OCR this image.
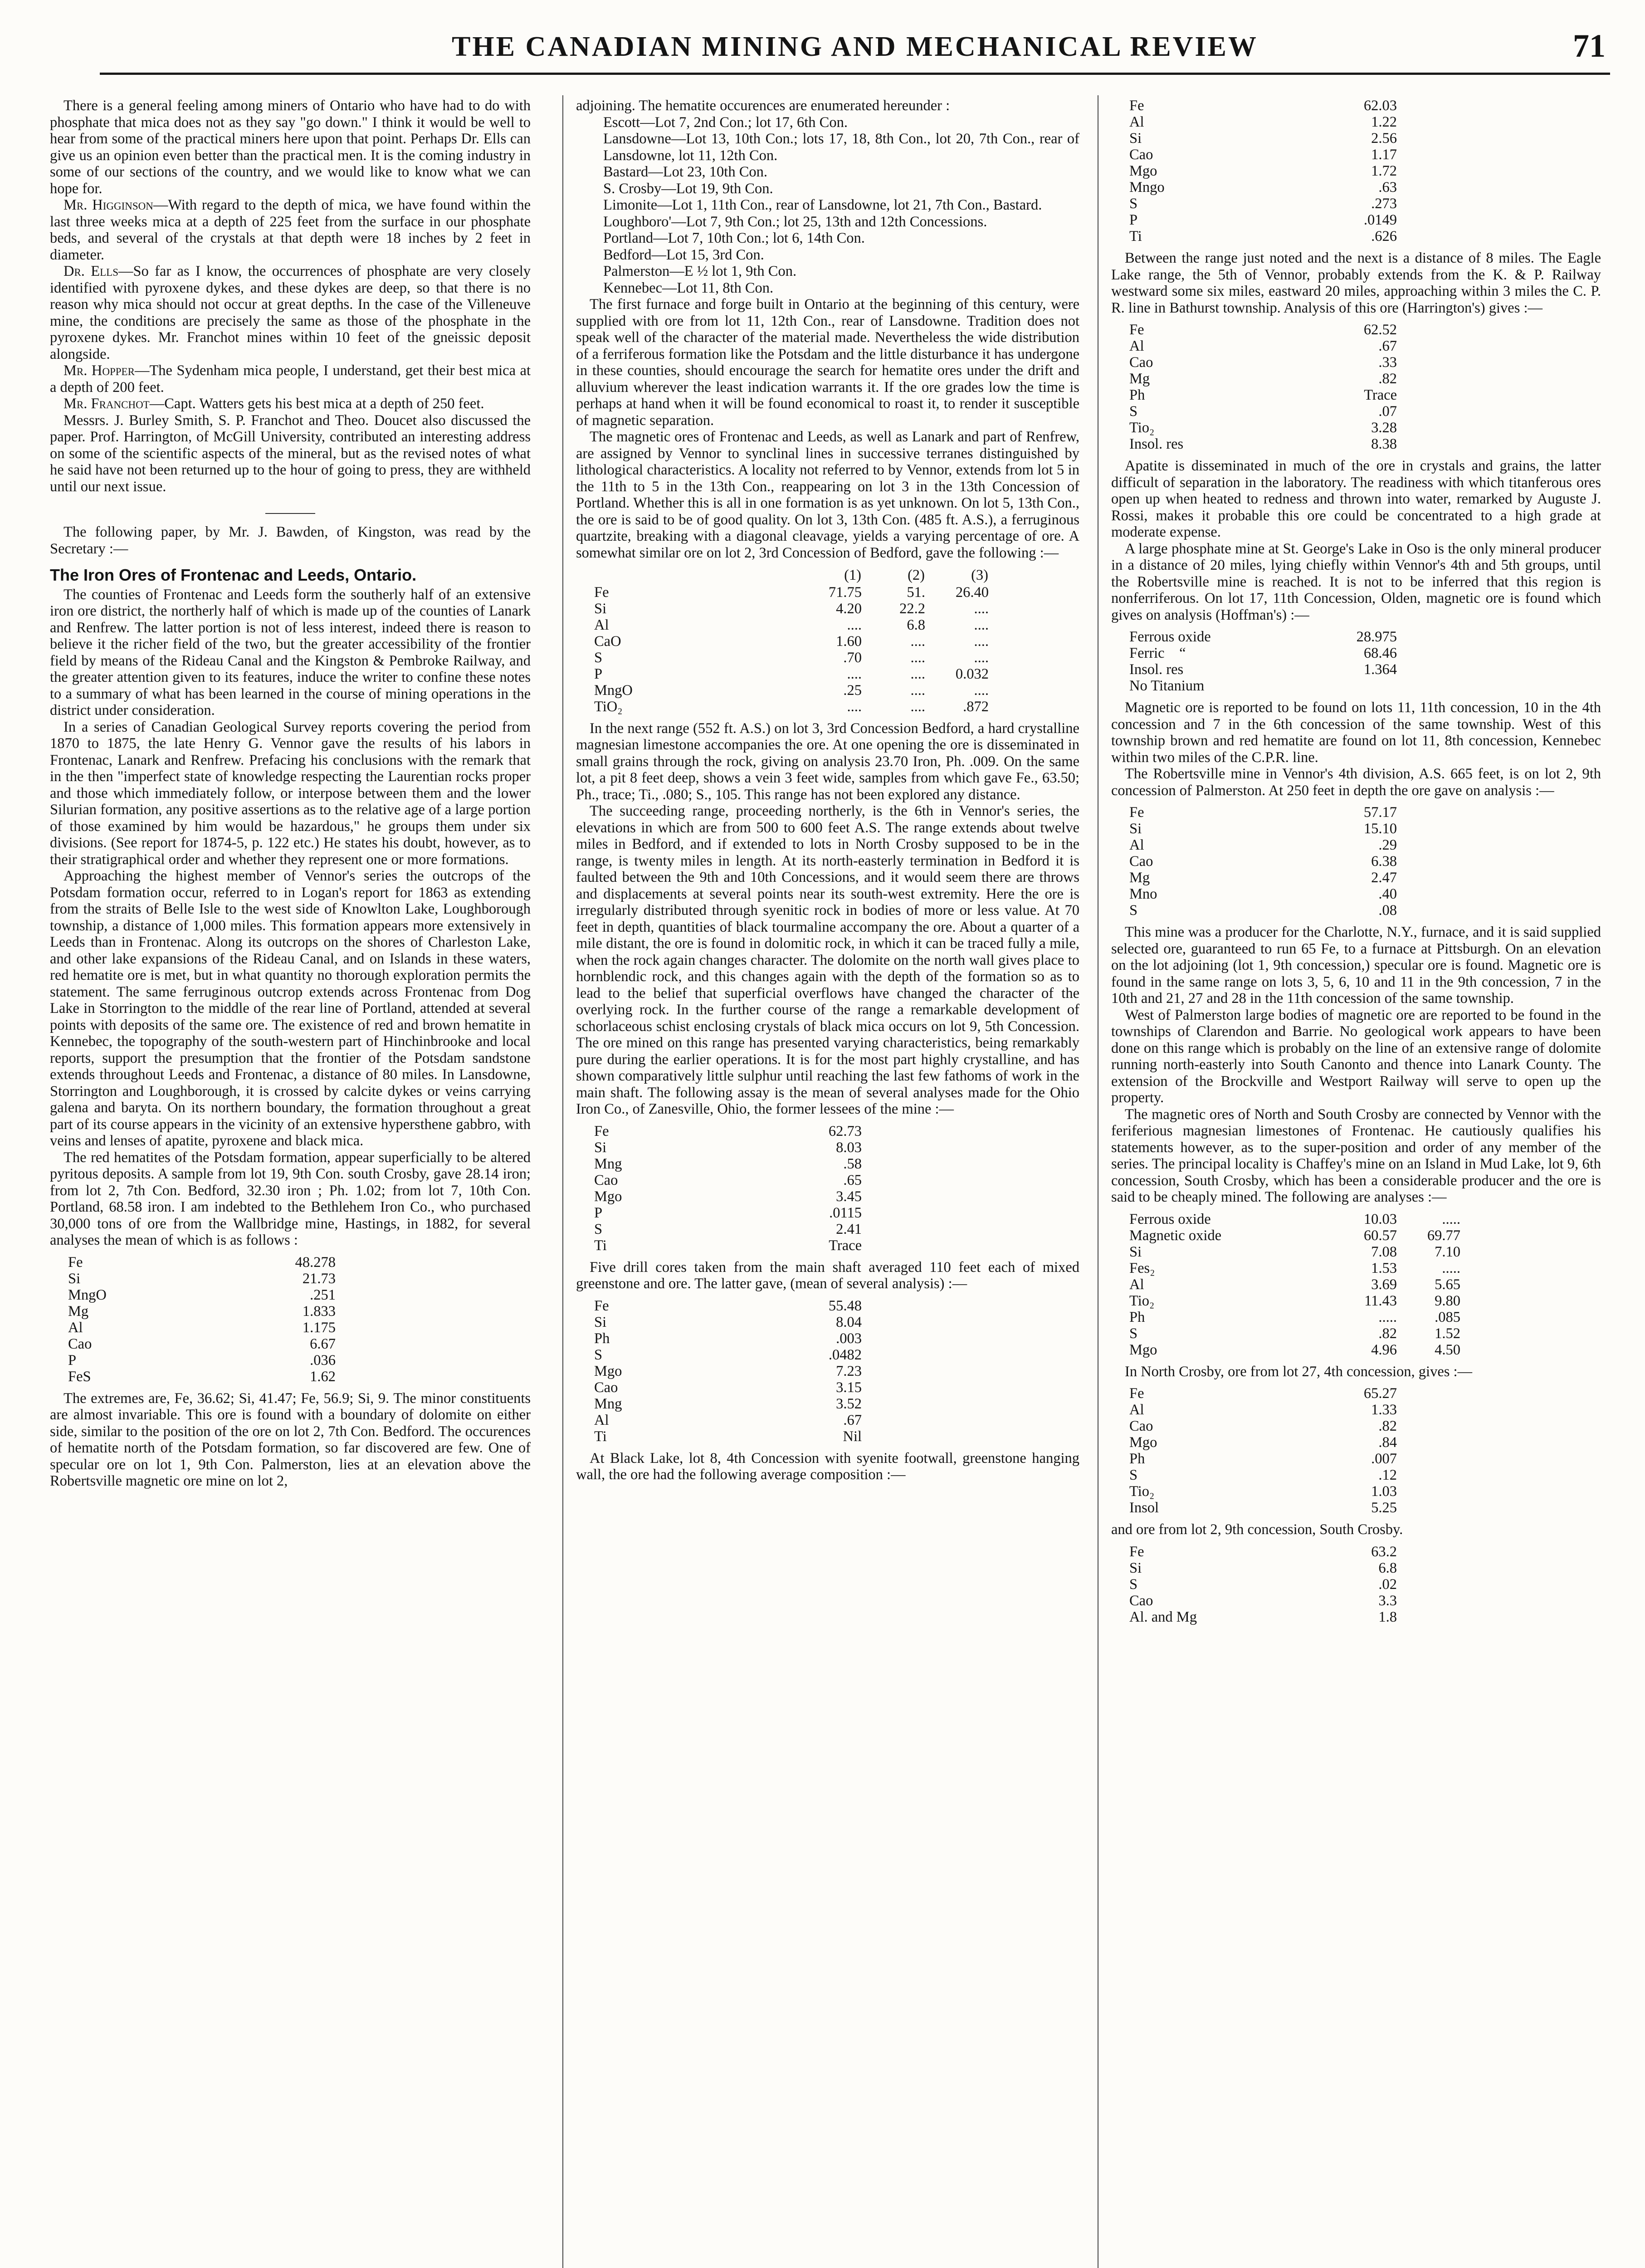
THE CANADIAN MINING AND MECHANICAL REVIEW	71

There is a general feeling among miners of Ontario who have had to do with phosphate that mica does not as they say "go down." I think it would be well to hear from some of the practical miners here upon that point. Perhaps Dr. Ells can give us an opinion even better than the practical men. It is the coming industry in some of our sections of the country, and we would like to know what we can hope for.

Mr. Higginson—With regard to the depth of mica, we have found within the last three weeks mica at a depth of 225 feet from the surface in our phosphate beds, and several of the crystals at that depth were 18 inches by 2 feet in diameter.

Dr. Ells—So far as I know, the occurrences of phosphate are very closely identified with pyroxene dykes, and these dykes are deep, so that there is no reason why mica should not occur at great depths. In the case of the Villeneuve mine, the conditions are precisely the same as those of the phosphate in the pyroxene dykes. Mr. Franchot mines within 10 feet of the gneissic deposit alongside.

Mr. Hopper—The Sydenham mica people, I understand, get their best mica at a depth of 200 feet.

Mr. Franchot—Capt. Watters gets his best mica at a depth of 250 feet.

Messrs. J. Burley Smith, S. P. Franchot and Theo. Doucet also discussed the paper. Prof. Harrington, of McGill University, contributed an interesting address on some of the scientific aspects of the mineral, but as the revised notes of what he said have not been returned up to the hour of going to press, they are withheld until our next issue.

The following paper, by Mr. J. Bawden, of Kingston, was read by the Secretary :—

The Iron Ores of Frontenac and Leeds, Ontario.

The counties of Frontenac and Leeds form the southerly half of an extensive iron ore district, the northerly half of which is made up of the counties of Lanark and Renfrew. The latter portion is not of less interest, indeed there is reason to believe it the richer field of the two, but the greater accessibility of the frontier field by means of the Rideau Canal and the Kingston & Pembroke Railway, and the greater attention given to its features, induce the writer to confine these notes to a summary of what has been learned in the course of mining operations in the district under consideration.

In a series of Canadian Geological Survey reports covering the period from 1870 to 1875, the late Henry G. Vennor gave the results of his labors in Frontenac, Lanark and Renfrew. Prefacing his conclusions with the remark that in the then "imperfect state of knowledge respecting the Laurentian rocks proper and those which immediately follow, or interpose between them and the lower Silurian formation, any positive assertions as to the relative age of a large portion of those examined by him would be hazardous," he groups them under six divisions. (See report for 1874-5, p. 122 etc.) He states his doubt, however, as to their stratigraphical order and whether they represent one or more formations.

Approaching the highest member of Vennor's series the outcrops of the Potsdam formation occur, referred to in Logan's report for 1863 as extending from the straits of Belle Isle to the west side of Knowlton Lake, Loughborough township, a distance of 1,000 miles. This formation appears more extensively in Leeds than in Frontenac. Along its outcrops on the shores of Charleston Lake, and other lake expansions of the Rideau Canal, and on Islands in these waters, red hematite ore is met, but in what quantity no thorough exploration permits the statement. The same ferruginous outcrop extends across Frontenac from Dog Lake in Storrington to the middle of the rear line of Portland, attended at several points with deposits of the same ore. The existence of red and brown hematite in Kennebec, the topography of the south-western part of Hinchinbrooke and local reports, support the presumption that the frontier of the Potsdam sandstone extends throughout Leeds and Frontenac, a distance of 80 miles. In Lansdowne, Storrington and Loughborough, it is crossed by calcite dykes or veins carrying galena and baryta. On its northern boundary, the formation throughout a great part of its course appears in the vicinity of an extensive hypersthene gabbro, with veins and lenses of apatite, pyroxene and black mica.

The red hematites of the Potsdam formation, appear superficially to be altered pyritous deposits. A sample from lot 19, 9th Con. south Crosby, gave 28.14 iron; from lot 2, 7th Con. Bedford, 32.30 iron ; Ph. 1.02; from lot 7, 10th Con. Portland, 68.58 iron. I am indebted to the Bethlehem Iron Co., who purchased 30,000 tons of ore from the Wallbridge mine, Hastings, in 1882, for several analyses the mean of which is as follows :

Fe	48.278
Si	21.73
MngO	.251
Mg	1.833
Al	1.175
Cao	6.67
P	.036
FeS	1.62

The extremes are, Fe, 36.62; Si, 41.47; Fe, 56.9; Si, 9. The minor constituents are almost invariable. This ore is found with a boundary of dolomite on either side, similar to the position of the ore on lot 2, 7th Con. Bedford. The occurences of hematite north of the Potsdam formation, so far discovered are few. One of specular ore on lot 1, 9th Con. Palmerston, lies at an elevation above the Robertsville magnetic ore mine on lot 2,

adjoining. The hematite occurences are enumerated hereunder :

Escott—Lot 7, 2nd Con.; lot 17, 6th Con.

Lansdowne—Lot 13, 10th Con.; lots 17, 18, 8th Con., lot 20, 7th Con., rear of Lansdowne, lot 11, 12th Con.

Bastard—Lot 23, 10th Con.

S. Crosby—Lot 19, 9th Con.

Limonite—Lot 1, 11th Con., rear of Lansdowne, lot 21, 7th Con., Bastard.

Loughboro'—Lot 7, 9th Con.; lot 25, 13th and 12th Concessions.

Portland—Lot 7, 10th Con.; lot 6, 14th Con.

Bedford—Lot 15, 3rd Con.

Palmerston—E ½ lot 1, 9th Con.

Kennebec—Lot 11, 8th Con.

The first furnace and forge built in Ontario at the beginning of this century, were supplied with ore from lot 11, 12th Con., rear of Lansdowne. Tradition does not speak well of the character of the material made. Nevertheless the wide distribution of a ferriferous formation like the Potsdam and the little disturbance it has undergone in these counties, should encourage the search for hematite ores under the drift and alluvium wherever the least indication warrants it. If the ore grades low the time is perhaps at hand when it will be found economical to roast it, to render it susceptible of magnetic separation.

The magnetic ores of Frontenac and Leeds, as well as Lanark and part of Renfrew, are assigned by Vennor to synclinal lines in successive terranes distinguished by lithological characteristics. A locality not referred to by Vennor, extends from lot 5 in the 11th to 5 in the 13th Con., reappearing on lot 3 in the 13th Concession of Portland. Whether this is all in one formation is as yet unknown. On lot 5, 13th Con., the ore is said to be of good quality. On lot 3, 13th Con. (485 ft. A.S.), a ferruginous quartzite, breaking with a diagonal cleavage, yields a varying percentage of ore. A somewhat similar ore on lot 2, 3rd Concession of Bedford, gave the following :—

	(1)	(2)	(3)
Fe	71.75	51.	26.40
Si	4.20	22.2	....
Al	....	6.8	....
CaO	1.60	....	....
S	.70	....	....
P	....	....	0.032
MngO	.25	....	....
TiO₂	....	....	.872

In the next range (552 ft. A.S.) on lot 3, 3rd Concession Bedford, a hard crystalline magnesian limestone accompanies the ore. At one opening the ore is disseminated in small grains through the rock, giving on analysis 23.70 Iron, Ph. .009. On the same lot, a pit 8 feet deep, shows a vein 3 feet wide, samples from which gave Fe., 63.50; Ph., trace; Ti., .080; S., 105. This range has not been explored any distance.

The succeeding range, proceeding northerly, is the 6th in Vennor's series, the elevations in which are from 500 to 600 feet A.S. The range extends about twelve miles in Bedford, and if extended to lots in North Crosby supposed to be in the range, is twenty miles in length. At its north-easterly termination in Bedford it is faulted between the 9th and 10th Concessions, and it would seem there are throws and displacements at several points near its south-west extremity. Here the ore is irregularly distributed through syenitic rock in bodies of more or less value. At 70 feet in depth, quantities of black tourmaline accompany the ore. About a quarter of a mile distant, the ore is found in dolomitic rock, in which it can be traced fully a mile, when the rock again changes character. The dolomite on the north wall gives place to hornblendic rock, and this changes again with the depth of the formation so as to lead to the belief that superficial overflows have changed the character of the overlying rock. In the further course of the range a remarkable development of schorlaceous schist enclosing crystals of black mica occurs on lot 9, 5th Concession. The ore mined on this range has presented varying characteristics, being remarkably pure during the earlier operations. It is for the most part highly crystalline, and has shown comparatively little sulphur until reaching the last few fathoms of work in the main shaft. The following assay is the mean of several analyses made for the Ohio Iron Co., of Zanesville, Ohio, the former lessees of the mine :—

Fe	62.73
Si	8.03
Mng	.58
Cao	.65
Mgo	3.45
P	.0115
S	2.41
Ti	Trace

Five drill cores taken from the main shaft averaged 110 feet each of mixed greenstone and ore. The latter gave, (mean of several analysis) :—

Fe	55.48
Si	8.04
Ph	.003
S	.0482
Mgo	7.23
Cao	3.15
Mng	3.52
Al	.67
Ti	Nil

At Black Lake, lot 8, 4th Concession with syenite footwall, greenstone hanging wall, the ore had the following average composition :—

Fe	62.03
Al	1.22
Si	2.56
Cao	1.17
Mgo	1.72
Mngo	.63
S	.273
P	.0149
Ti	.626

Between the range just noted and the next is a distance of 8 miles. The Eagle Lake range, the 5th of Vennor, probably extends from the K. & P. Railway westward some six miles, eastward 20 miles, approaching within 3 miles the C. P. R. line in Bathurst township. Analysis of this ore (Harrington's) gives :—

Fe	62.52
Al	.67
Cao	.33
Mg	.82
Ph	Trace
S	.07
Tio₂	3.28
Insol. res	8.38

Apatite is disseminated in much of the ore in crystals and grains, the latter difficult of separation in the laboratory. The readiness with which titanferous ores open up when heated to redness and thrown into water, remarked by Auguste J. Rossi, makes it probable this ore could be concentrated to a high grade at moderate expense.

A large phosphate mine at St. George's Lake in Oso is the only mineral producer in a distance of 20 miles, lying chiefly within Vennor's 4th and 5th groups, until the Robertsville mine is reached. It is not to be inferred that this region is nonferriferous. On lot 17, 11th Concession, Olden, magnetic ore is found which gives on analysis (Hoffman's) :—

Ferrous oxide	28.975
Ferric    “	68.46
Insol. res	1.364
No Titanium	

Magnetic ore is reported to be found on lots 11, 11th concession, 10 in the 4th concession and 7 in the 6th concession of the same township. West of this township brown and red hematite are found on lot 11, 8th concession, Kennebec within two miles of the C.P.R. line.

The Robertsville mine in Vennor's 4th division, A.S. 665 feet, is on lot 2, 9th concession of Palmerston. At 250 feet in depth the ore gave on analysis :—

Fe	57.17
Si	15.10
Al	.29
Cao	6.38
Mg	2.47
Mno	.40
S	.08

This mine was a producer for the Charlotte, N.Y., furnace, and it is said supplied selected ore, guaranteed to run 65 Fe, to a furnace at Pittsburgh. On an elevation on the lot adjoining (lot 1, 9th concession,) specular ore is found. Magnetic ore is found in the same range on lots 3, 5, 6, 10 and 11 in the 9th concession, 7 in the 10th and 21, 27 and 28 in the 11th concession of the same township.

West of Palmerston large bodies of magnetic ore are reported to be found in the townships of Clarendon and Barrie. No geological work appears to have been done on this range which is probably on the line of an extensive range of dolomite running north-easterly into South Canonto and thence into Lanark County. The extension of the Brockville and Westport Railway will serve to open up the property.

The magnetic ores of North and South Crosby are connected by Vennor with the feriferious magnesian limestones of Frontenac. He cautiously qualifies his statements however, as to the super-position and order of any member of the series. The principal locality is Chaffey's mine on an Island in Mud Lake, lot 9, 6th concession, South Crosby, which has been a considerable producer and the ore is said to be cheaply mined. The following are analyses :—

Ferrous oxide	10.03	.....
Magnetic oxide	60.57	69.77
Si	7.08	7.10
Fes₂	1.53	.....
Al	3.69	5.65
Tio₂	11.43	9.80
Ph	.....	.085
S	.82	1.52
Mgo	4.96	4.50

In North Crosby, ore from lot 27, 4th concession, gives :—

Fe	65.27
Al	1.33
Cao	.82
Mgo	.84
Ph	.007
S	.12
Tio₂	1.03
Insol	5.25

and ore from lot 2, 9th concession, South Crosby.

Fe	63.2
Si	6.8
S	.02
Cao	3.3
Al. and Mg	1.8
